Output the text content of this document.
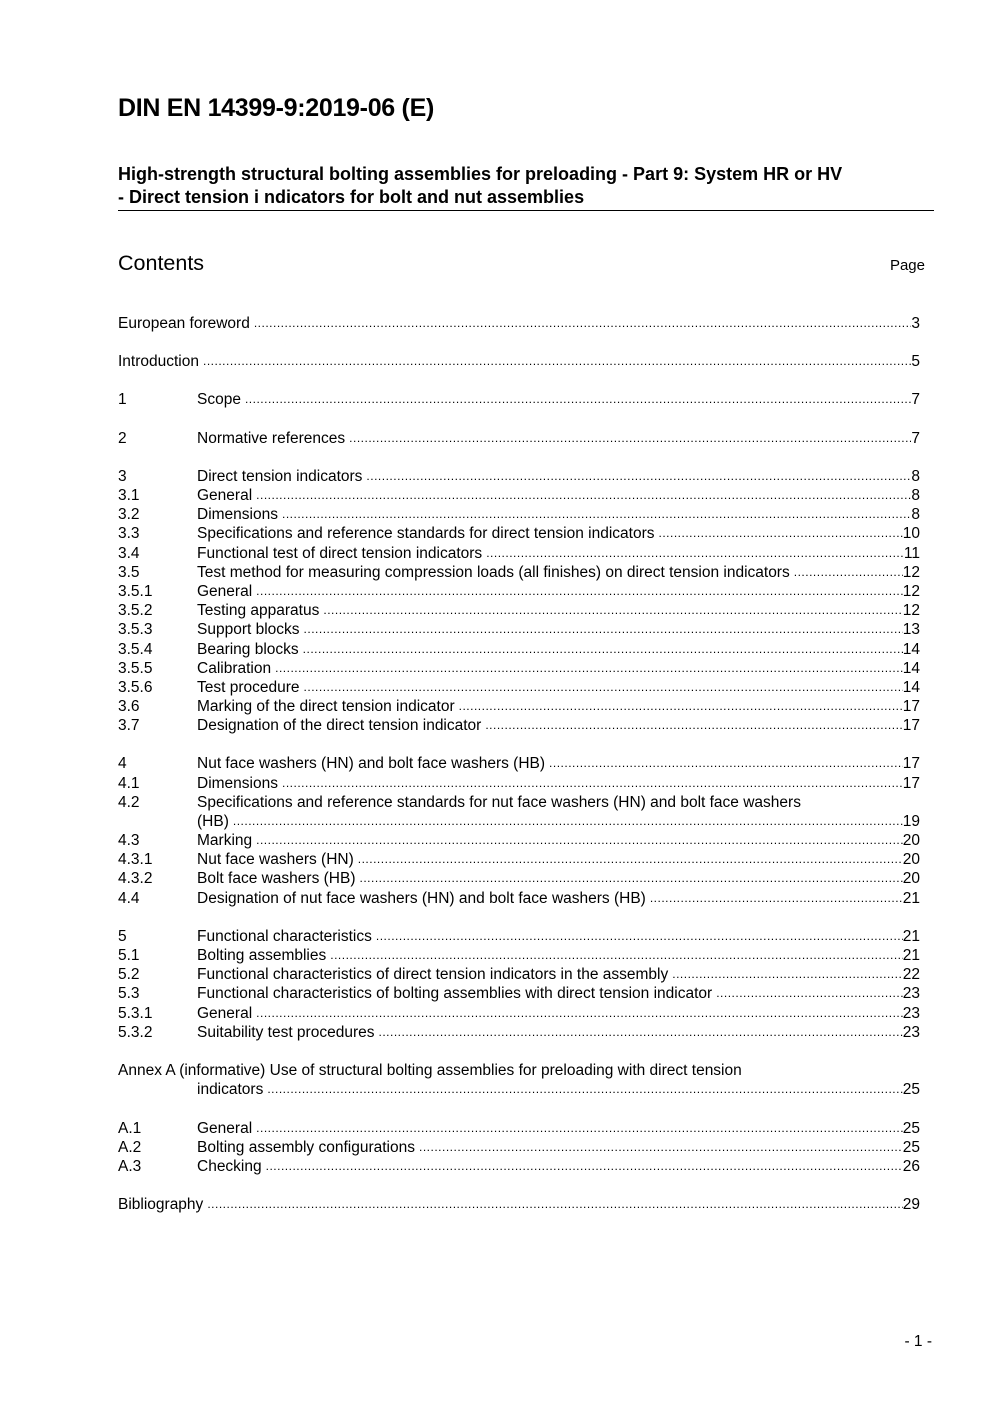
DIN EN 14399-9:2019-06 (E)
High-strength structural bolting assemblies for preloading - Part 9: System HR or HV
- Direct tension i ndicators for bolt and nut assemblies
Contents	Page
European foreword .....	3
Introduction .....	5
1	Scope .....	7
2	Normative references .....	7
3	Direct tension indicators .....	8
3.1	General .....	8
3.2	Dimensions .....	8
3.3	Specifications and reference standards for direct tension indicators .....	10
3.4	Functional test of direct tension indicators .....	11
3.5	Test method for measuring compression loads (all finishes) on direct tension indicators .....	12
3.5.1	General .....	12
3.5.2	Testing apparatus .....	12
3.5.3	Support blocks .....	13
3.5.4	Bearing blocks .....	14
3.5.5	Calibration .....	14
3.5.6	Test procedure .....	14
3.6	Marking of the direct tension indicator .....	17
3.7	Designation of the direct tension indicator .....	17
4	Nut face washers (HN) and bolt face washers (HB) .....	17
4.1	Dimensions .....	17
4.2	Specifications and reference standards for nut face washers (HN) and bolt face washers
(HB) .....	19
4.3	Marking .....	20
4.3.1	Nut face washers (HN) .....	20
4.3.2	Bolt face washers (HB) .....	20
4.4	Designation of nut face washers (HN) and bolt face washers (HB) .....	21
5	Functional characteristics .....	21
5.1	Bolting assemblies .....	21
5.2	Functional characteristics of direct tension indicators in the assembly .....	22
5.3	Functional characteristics of bolting assemblies with direct tension indicator .....	23
5.3.1	General .....	23
5.3.2	Suitability test procedures .....	23
Annex A (informative) Use of structural bolting assemblies for preloading with direct tension
indicators .....	25
A.1	General .....	25
A.2	Bolting assembly configurations .....	25
A.3	Checking .....	26
Bibliography .....	29
- 1 -
